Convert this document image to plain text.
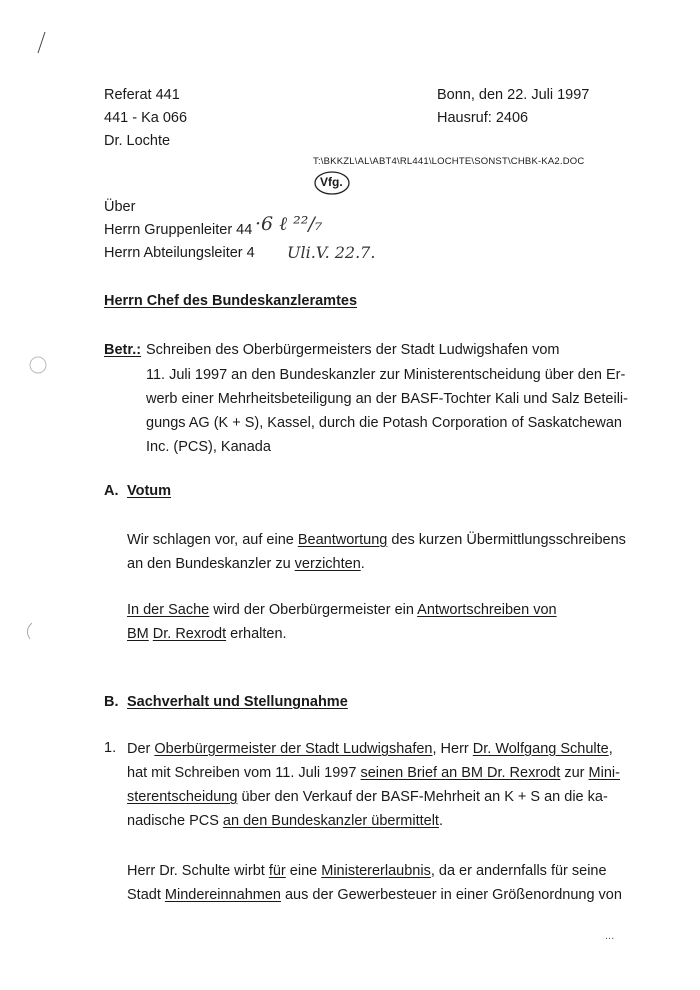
Referat 441
441 - Ka 066
Dr. Lochte
Bonn, den 22. Juli 1997
Hausruf: 2406
T:\BKKZL\AL\ABT4\RL441\LOCHTE\SONST\CHBK-KA2.DOC
Vfg.
Über
Herrn Gruppenleiter 44
Herrn Abteilungsleiter 4
·6 ℓ ²²/₇
Uli.V. 22.7.
Herrn Chef des Bundeskanzleramtes
Betr.: Schreiben des Oberbürgermeisters der Stadt Ludwigshafen vom
11. Juli 1997 an den Bundeskanzler zur Ministerentscheidung über den Er-
werb einer Mehrheitsbeteiligung an der BASF-Tochter Kali und Salz Beteili-
gungs AG (K + S), Kassel, durch die Potash Corporation of Saskatchewan
Inc. (PCS), Kanada
A. Votum
Wir schlagen vor, auf eine Beantwortung des kurzen Übermittlungsschreibens
an den Bundeskanzler zu verzichten.
In der Sache wird der Oberbürgermeister ein Antwortschreiben von
BM Dr. Rexrodt erhalten.
B. Sachverhalt und Stellungnahme
1. Der Oberbürgermeister der Stadt Ludwigshafen, Herr Dr. Wolfgang Schulte,
hat mit Schreiben vom 11. Juli 1997 seinen Brief an BM Dr. Rexrodt zur Mini-
sterentscheidung über den Verkauf der BASF-Mehrheit an K + S an die ka-
nadische PCS an den Bundeskanzler übermittelt.
Herr Dr. Schulte wirbt für eine Ministererlaubnis, da er andernfalls für seine
Stadt Mindereinnahmen aus der Gewerbesteuer in einer Größenordnung von
...
